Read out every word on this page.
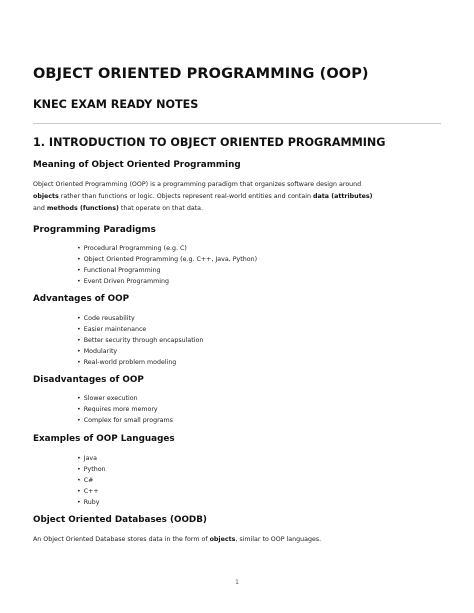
OBJECT ORIENTED PROGRAMMING (OOP)
KNEC EXAM READY NOTES
1. INTRODUCTION TO OBJECT ORIENTED PROGRAMMING
Meaning of Object Oriented Programming
Object Oriented Programming (OOP) is a programming paradigm that organizes software design around
objects rather than functions or logic. Objects represent real-world entities and contain data (attributes)
and methods (functions) that operate on that data.
Programming Paradigms
• Procedural Programming (e.g. C)
• Object Oriented Programming (e.g. C++, Java, Python)
• Functional Programming
• Event Driven Programming
Advantages of OOP
• Code reusability
• Easier maintenance
• Better security through encapsulation
• Modularity
• Real-world problem modeling
Disadvantages of OOP
• Slower execution
• Requires more memory
• Complex for small programs
Examples of OOP Languages
• Java
• Python
• C#
• C++
• Ruby
Object Oriented Databases (OODB)
An Object Oriented Database stores data in the form of objects, similar to OOP languages.
1
